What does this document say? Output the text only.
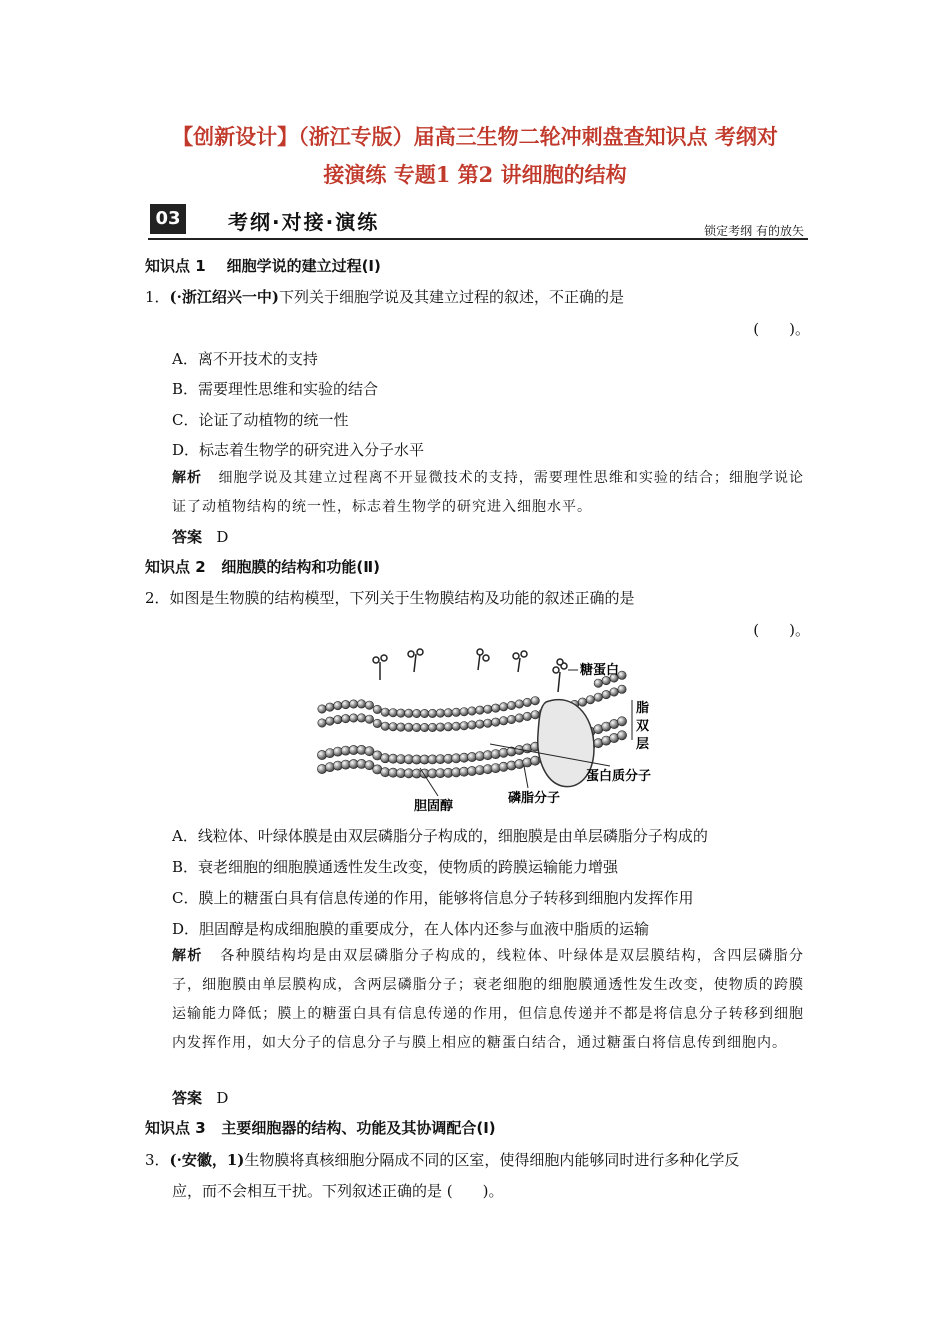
【创新设计】（浙江专版）届高三生物二轮冲刺盘查知识点 考纲对
接演练 专题1 第2 讲细胞的结构
03 考纲·对接·演练	锁定考纲 有的放矢
知识点 1 细胞学说的建立过程(Ⅰ)
1．(·浙江绍兴一中)下列关于细胞学说及其建立过程的叙述，不正确的是
(　　)。
A．离不开技术的支持
B．需要理性思维和实验的结合
C．论证了动植物的统一性
D．标志着生物学的研究进入分子水平
解析 细胞学说及其建立过程离不开显微技术的支持，需要理性思维和实验的结合；细胞学说论证了动植物结构的统一性，标志着生物学的研究进入细胞水平。
答案 D
知识点 2 细胞膜的结构和功能(Ⅱ)
2．如图是生物膜的结构模型，下列关于生物膜结构及功能的叙述正确的是
(　　)。
糖蛋白
脂
双
层
蛋白质分子
胆固醇
磷脂分子
A．线粒体、叶绿体膜是由双层磷脂分子构成的，细胞膜是由单层磷脂分子构成的
B．衰老细胞的细胞膜通透性发生改变，使物质的跨膜运输能力增强
C．膜上的糖蛋白具有信息传递的作用，能够将信息分子转移到细胞内发挥作用
D．胆固醇是构成细胞膜的重要成分，在人体内还参与血液中脂质的运输
解析 各种膜结构均是由双层磷脂分子构成的，线粒体、叶绿体是双层膜结构，含四层磷脂分子，细胞膜由单层膜构成，含两层磷脂分子；衰老细胞的细胞膜通透性发生改变，使物质的跨膜运输能力降低；膜上的糖蛋白具有信息传递的作用，但信息传递并不都是将信息分子转移到细胞内发挥作用，如大分子的信息分子与膜上相应的糖蛋白结合，通过糖蛋白将信息传到细胞内。
答案 D
知识点 3 主要细胞器的结构、功能及其协调配合(Ⅰ)
3．(·安徽，1)生物膜将真核细胞分隔成不同的区室，使得细胞内能够同时进行多种化学反
应，而不会相互干扰。下列叙述正确的是 (　　)。
